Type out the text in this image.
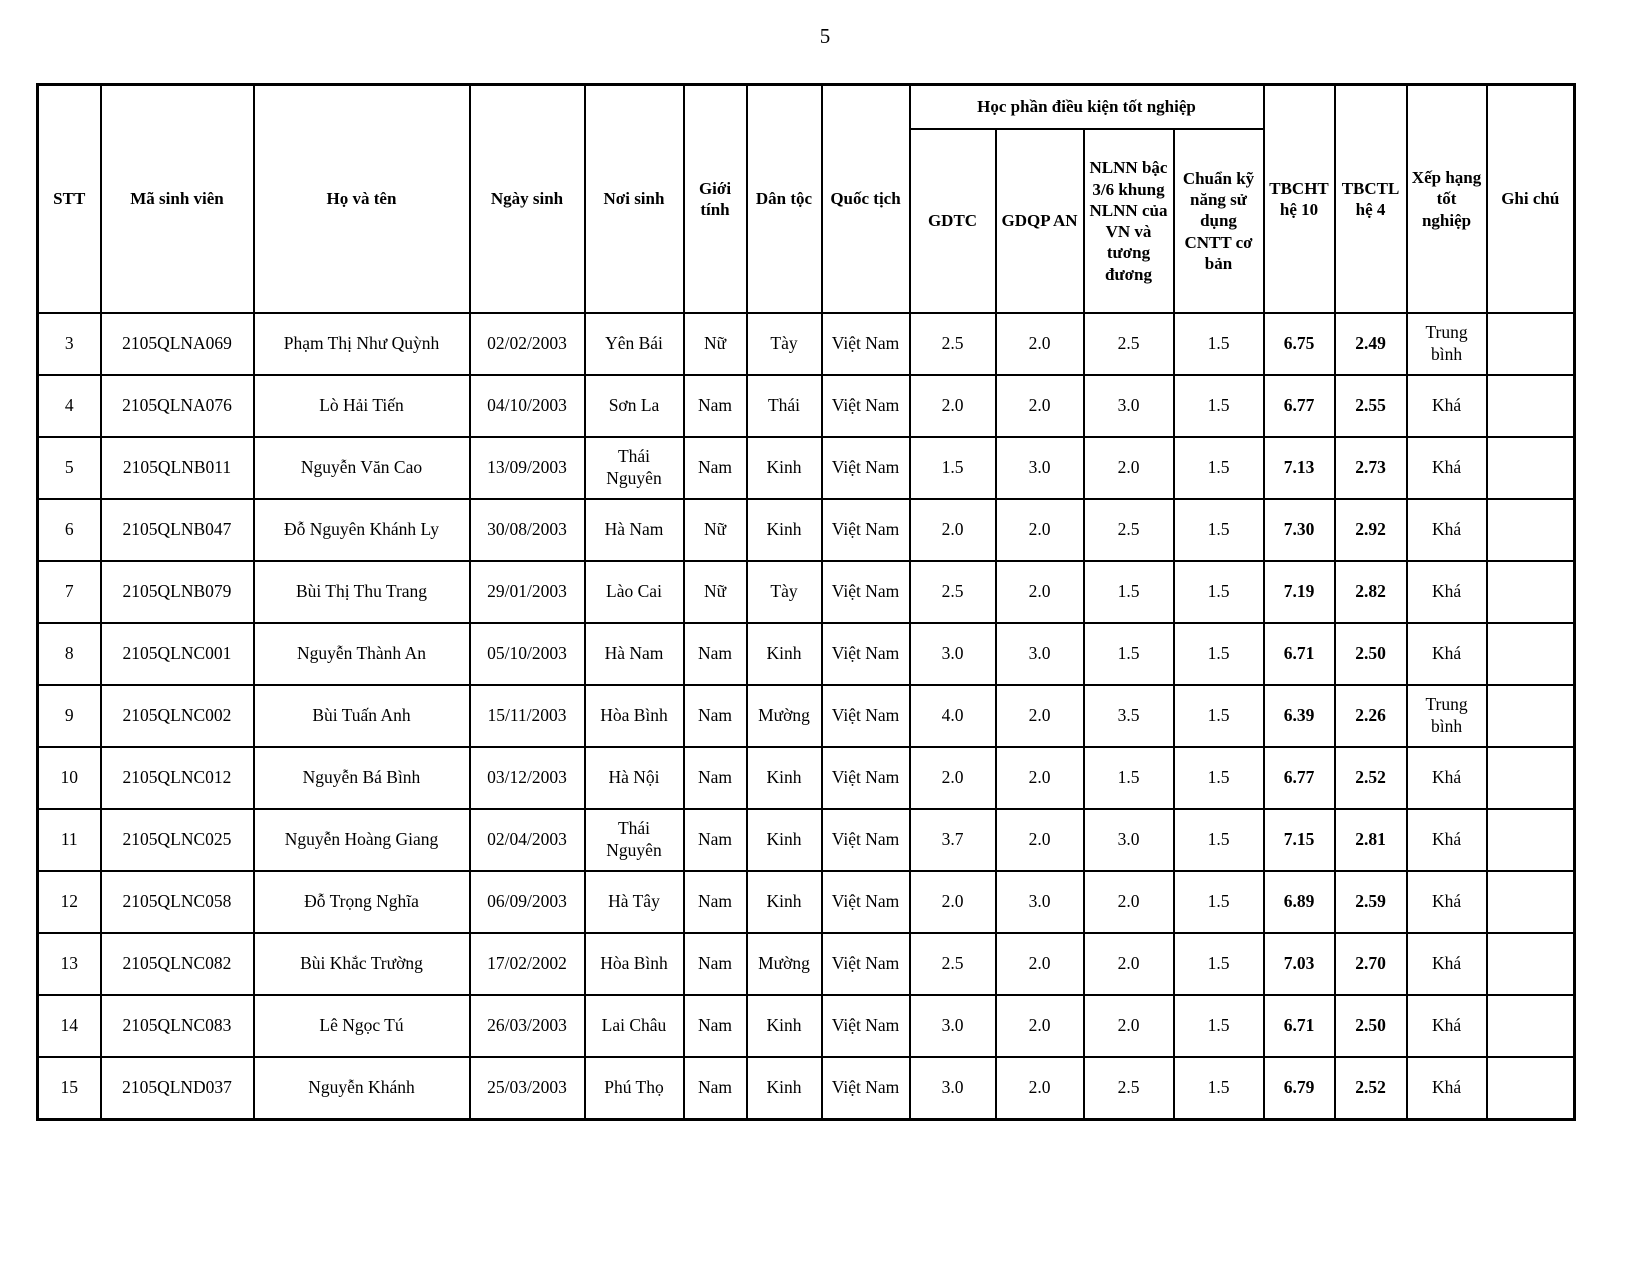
5
STT	Mã sinh viên	Họ và tên	Ngày sinh	Nơi sinh	Giới tính	Dân tộc	Quốc tịch	Học phần điều kiện tốt nghiệp				TBCHT hệ 10	TBCTL hệ 4	Xếp hạng tốt nghiệp	Ghi chú
								GDTC	GDQP AN	NLNN bậc 3/6 khung NLNN của VN và tương đương	Chuẩn kỹ năng sử dụng CNTT cơ bản				
3	2105QLNA069	Phạm Thị Như Quỳnh	02/02/2003	Yên Bái	Nữ	Tày	Việt Nam	2.5	2.0	2.5	1.5	6.75	2.49	Trung bình	
4	2105QLNA076	Lò Hải Tiến	04/10/2003	Sơn La	Nam	Thái	Việt Nam	2.0	2.0	3.0	1.5	6.77	2.55	Khá	
5	2105QLNB011	Nguyễn Văn Cao	13/09/2003	Thái Nguyên	Nam	Kinh	Việt Nam	1.5	3.0	2.0	1.5	7.13	2.73	Khá	
6	2105QLNB047	Đỗ Nguyên Khánh Ly	30/08/2003	Hà Nam	Nữ	Kinh	Việt Nam	2.0	2.0	2.5	1.5	7.30	2.92	Khá	
7	2105QLNB079	Bùi Thị Thu Trang	29/01/2003	Lào Cai	Nữ	Tày	Việt Nam	2.5	2.0	1.5	1.5	7.19	2.82	Khá	
8	2105QLNC001	Nguyễn Thành An	05/10/2003	Hà Nam	Nam	Kinh	Việt Nam	3.0	3.0	1.5	1.5	6.71	2.50	Khá	
9	2105QLNC002	Bùi Tuấn Anh	15/11/2003	Hòa Bình	Nam	Mường	Việt Nam	4.0	2.0	3.5	1.5	6.39	2.26	Trung bình	
10	2105QLNC012	Nguyễn Bá Bình	03/12/2003	Hà Nội	Nam	Kinh	Việt Nam	2.0	2.0	1.5	1.5	6.77	2.52	Khá	
11	2105QLNC025	Nguyễn Hoàng Giang	02/04/2003	Thái Nguyên	Nam	Kinh	Việt Nam	3.7	2.0	3.0	1.5	7.15	2.81	Khá	
12	2105QLNC058	Đỗ Trọng Nghĩa	06/09/2003	Hà Tây	Nam	Kinh	Việt Nam	2.0	3.0	2.0	1.5	6.89	2.59	Khá	
13	2105QLNC082	Bùi Khắc Trường	17/02/2002	Hòa Bình	Nam	Mường	Việt Nam	2.5	2.0	2.0	1.5	7.03	2.70	Khá	
14	2105QLNC083	Lê Ngọc Tú	26/03/2003	Lai Châu	Nam	Kinh	Việt Nam	3.0	2.0	2.0	1.5	6.71	2.50	Khá	
15	2105QLND037	Nguyễn Khánh	25/03/2003	Phú Thọ	Nam	Kinh	Việt Nam	3.0	2.0	2.5	1.5	6.79	2.52	Khá	
